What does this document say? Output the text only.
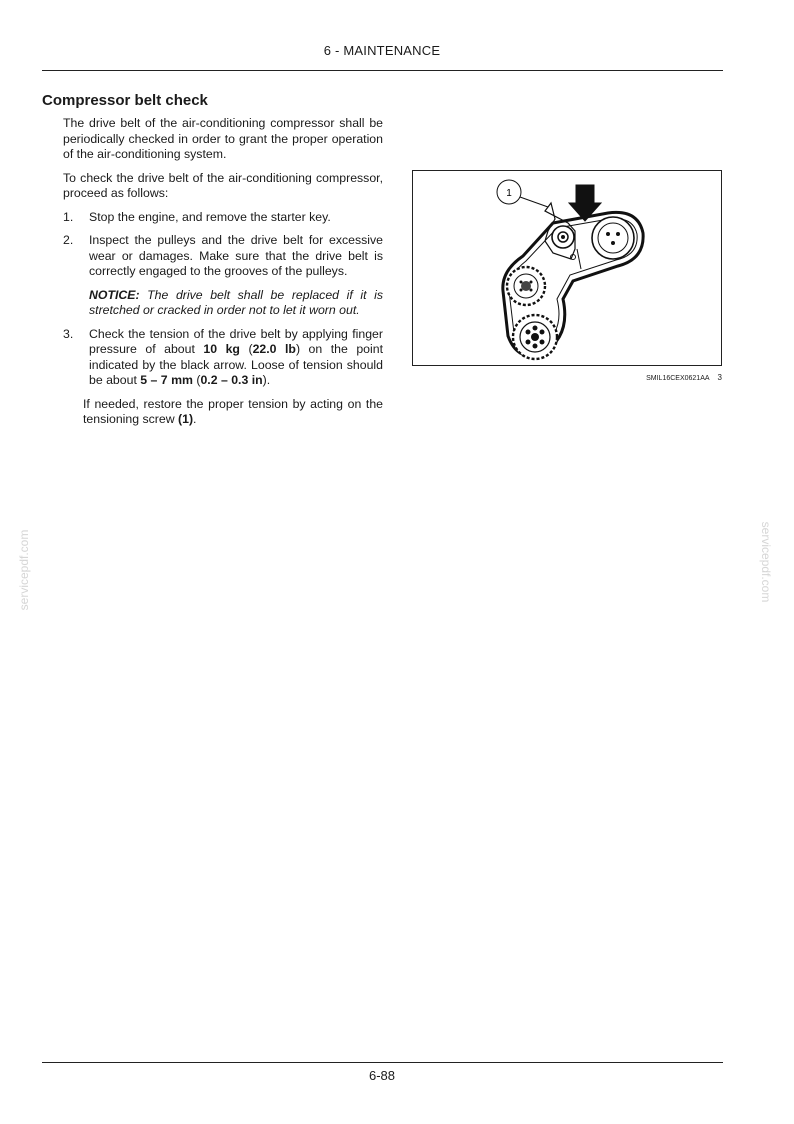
6 - MAINTENANCE
Compressor belt check

The drive belt of the air-conditioning compressor shall be periodically checked in order to grant the proper operation of the air-conditioning system.

To check the drive belt of the air-conditioning compressor, proceed as follows:

1. Stop the engine, and remove the starter key.
2. Inspect the pulleys and the drive belt for excessive wear or damages. Make sure that the drive belt is correctly engaged to the grooves of the pulleys.
NOTICE: The drive belt shall be replaced if it is stretched or cracked in order not to let it worn out.
3. Check the tension of the drive belt by applying finger pressure of about 10 kg (22.0 lb) on the point indicated by the black arrow. Loose of tension should be about 5 – 7 mm (0.2 – 0.3 in).

If needed, restore the proper tension by acting on the tensioning screw (1).

1
SMIL16CEX0621AA 3
servicepdf.com	servicepdf.com
6-88
